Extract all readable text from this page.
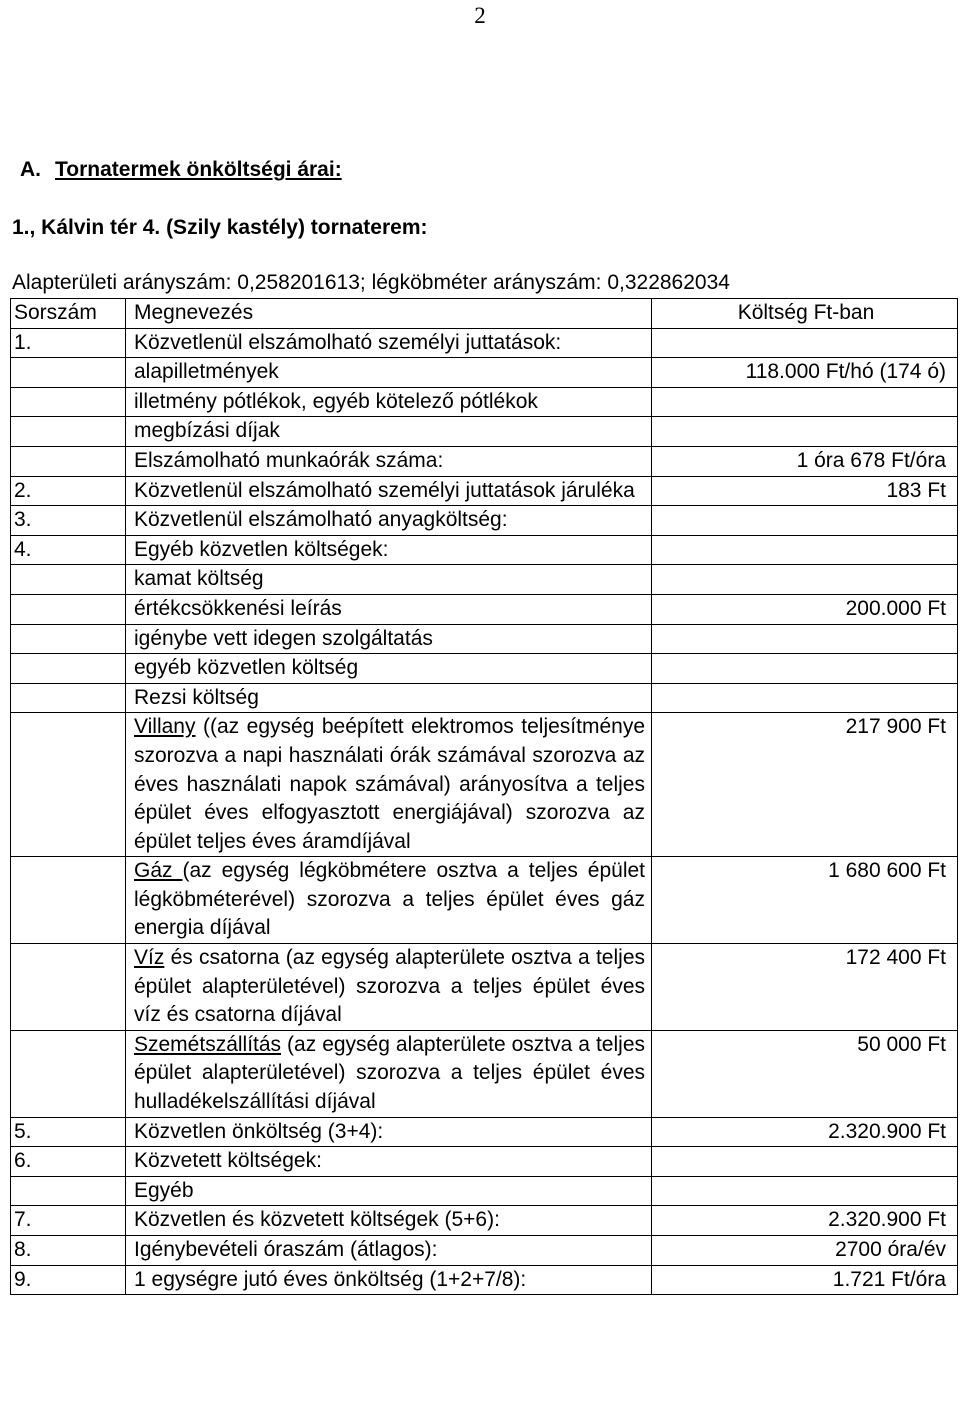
2
A. Tornatermek önköltségi árai:
1., Kálvin tér 4. (Szily kastély) tornaterem:
Alapterületi arányszám: 0,258201613; légköbméter arányszám: 0,322862034
Sorszám	Megnevezés	Költség Ft-ban
1.	Közvetlenül elszámolható személyi juttatások:	
	alapilletmények	118.000 Ft/hó (174 ó)
	illetmény pótlékok, egyéb kötelező pótlékok	
	megbízási díjak	
	Elszámolható munkaórák száma:	1 óra 678 Ft/óra
2.	Közvetlenül elszámolható személyi juttatások járuléka	183 Ft
3.	Közvetlenül elszámolható anyagköltség:	
4.	Egyéb közvetlen költségek:	
	kamat költség	
	értékcsökkenési leírás	200.000 Ft
	igénybe vett idegen szolgáltatás	
	egyéb közvetlen költség	
	Rezsi költség	
	Villany ((az egység beépített elektromos teljesítménye szorozva a napi használati órák számával szorozva az éves használati napok számával) arányosítva a teljes épület éves elfogyasztott energiájával) szorozva az épület teljes éves áramdíjával	217 900 Ft
	Gáz (az egység légköbmétere osztva a teljes épület légköbméterével) szorozva a teljes épület éves gáz energia díjával	1 680 600 Ft
	Víz és csatorna (az egység alapterülete osztva a teljes épület alapterületével) szorozva a teljes épület éves víz és csatorna díjával	172 400 Ft
	Szemétszállítás (az egység alapterülete osztva a teljes épület alapterületével) szorozva a teljes épület éves hulladékelszállítási díjával	50 000 Ft
5.	Közvetlen önköltség (3+4):	2.320.900 Ft
6.	Közvetett költségek:	
	Egyéb	
7.	Közvetlen és közvetett költségek (5+6):	2.320.900 Ft
8.	Igénybevételi óraszám (átlagos):	2700 óra/év
9.	1 egységre jutó éves önköltség (1+2+7/8):	1.721 Ft/óra
